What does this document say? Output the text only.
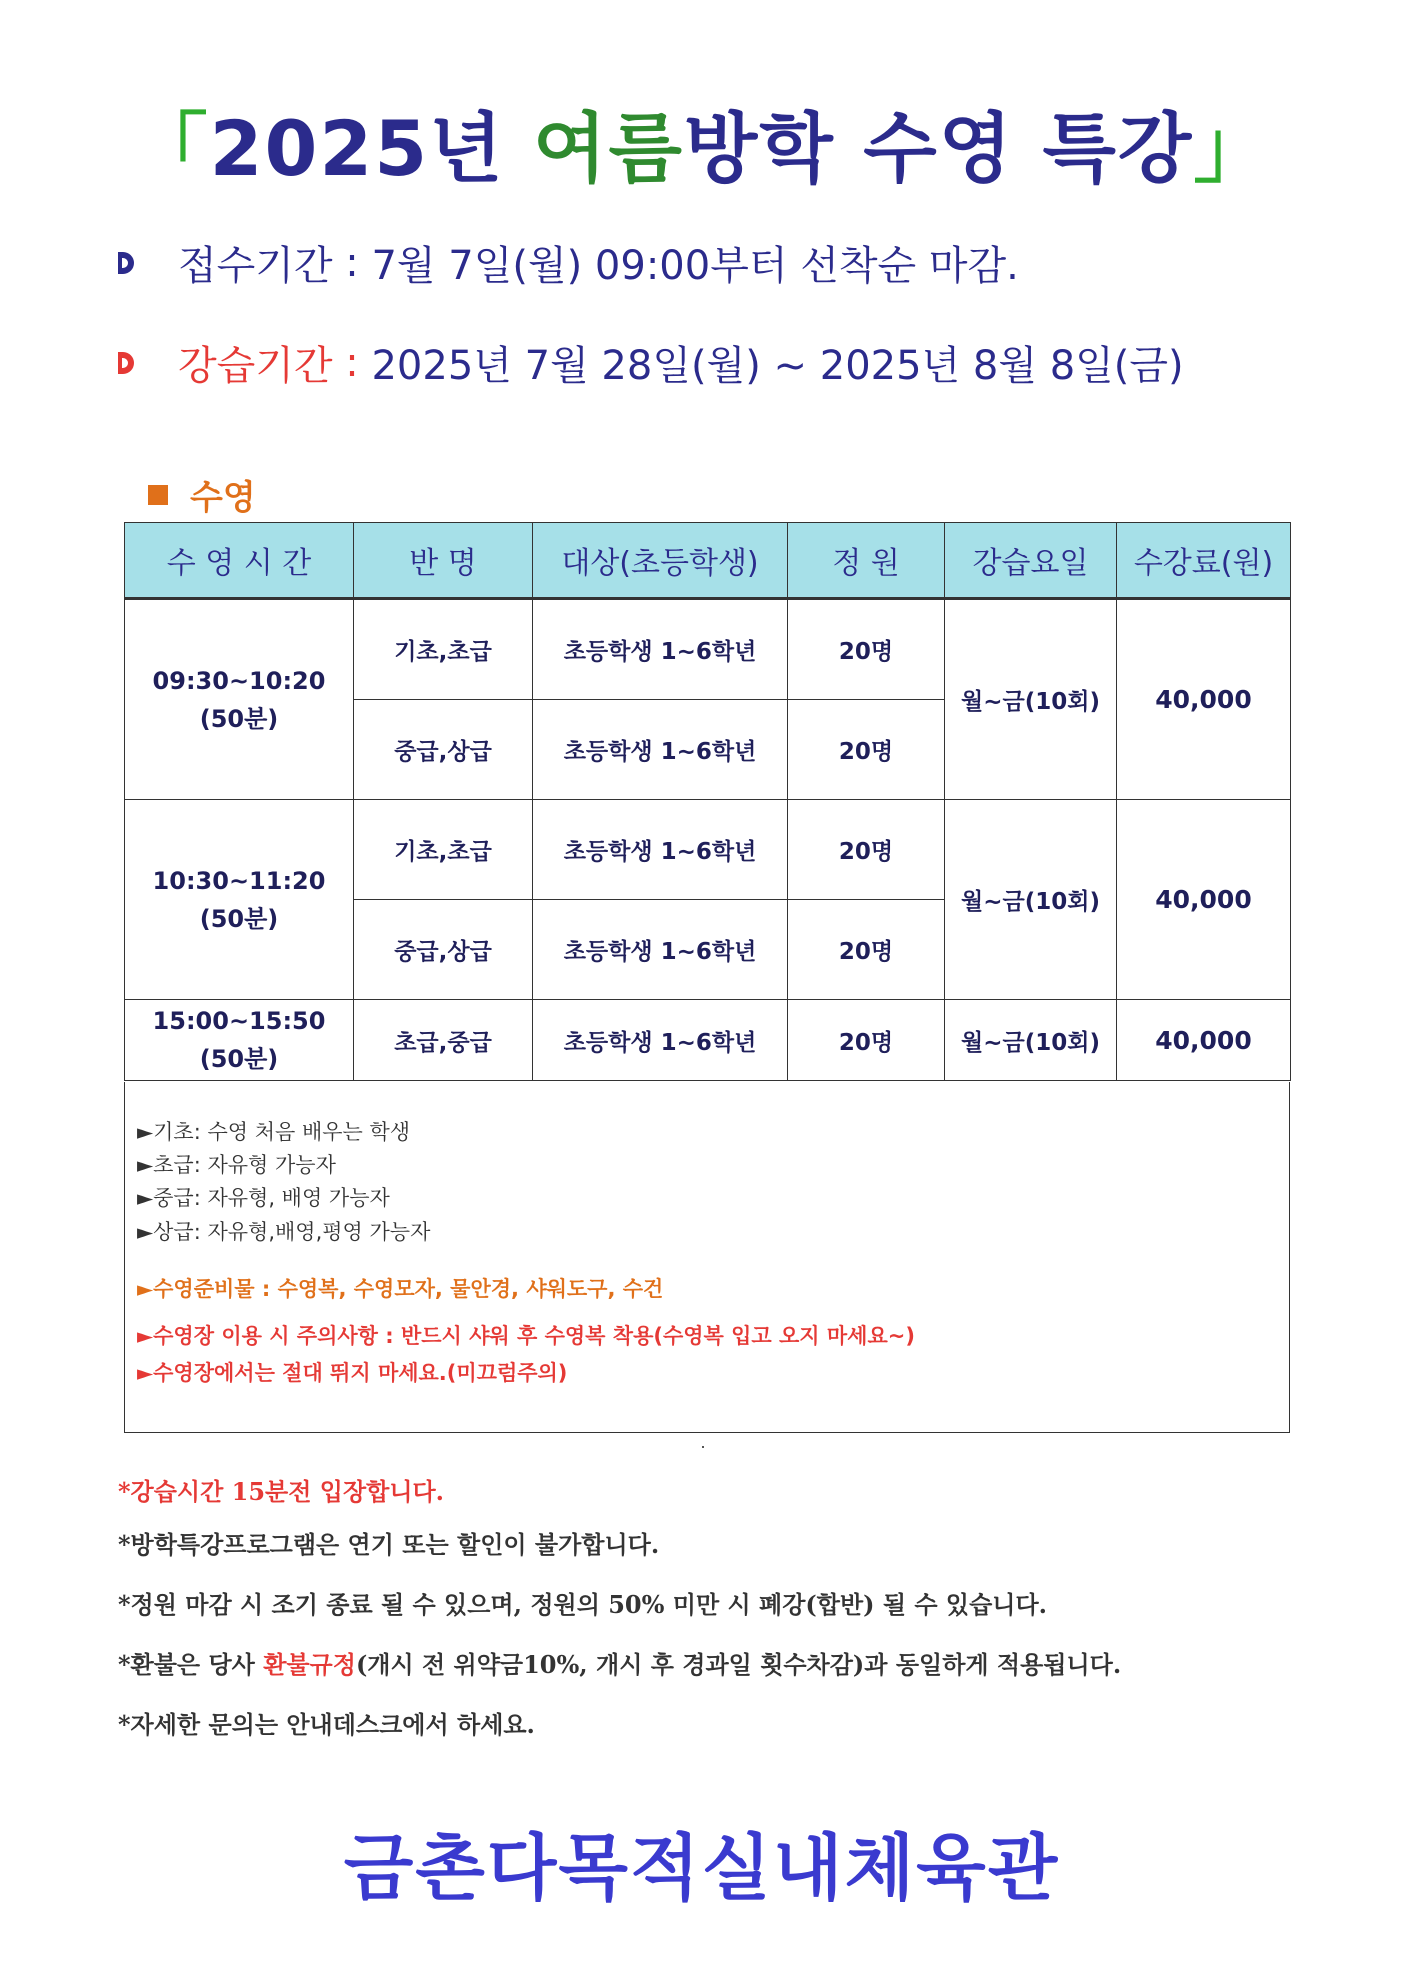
「2025년 여름방학 수영 특강」
접수기간 : 7월 7일(월) 09:00부터 선착순 마감.
강습기간 : 2025년 7월 28일(월) ~ 2025년 8월 8일(금)
수영
수 영 시 간	반 명	대상(초등학생)	정 원	강습요일	수강료(원)

09:30~10:20
(50분)	기초,초급	초등학생 1~6학년	20명	월~금(10회)	40,000
	중급,상급	초등학생 1~6학년	20명		

10:30~11:20
(50분)	기초,초급	초등학생 1~6학년	20명	월~금(10회)	40,000
	중급,상급	초등학생 1~6학년	20명		

15:00~15:50
(50분)	초급,중급	초등학생 1~6학년	20명	월~금(10회)	40,000
►기초: 수영 처음 배우는 학생
►초급: 자유형 가능자
►중급: 자유형, 배영 가능자
►상급: 자유형,배영,평영 가능자
►수영준비물 : 수영복, 수영모자, 물안경, 샤워도구, 수건
►수영장 이용 시 주의사항 : 반드시 샤워 후 수영복 착용(수영복 입고 오지 마세요~)
►수영장에서는 절대 뛰지 마세요.(미끄럼주의)
*강습시간 15분전 입장합니다.
*방학특강프로그램은 연기 또는 할인이 불가합니다.
*정원 마감 시 조기 종료 될 수 있으며, 정원의 50% 미만 시 폐강(합반) 될 수 있습니다.
*환불은 당사 환불규정(개시 전 위약금10%, 개시 후 경과일 횟수차감)과 동일하게 적용됩니다.
*자세한 문의는 안내데스크에서 하세요.
금촌다목적실내체육관
